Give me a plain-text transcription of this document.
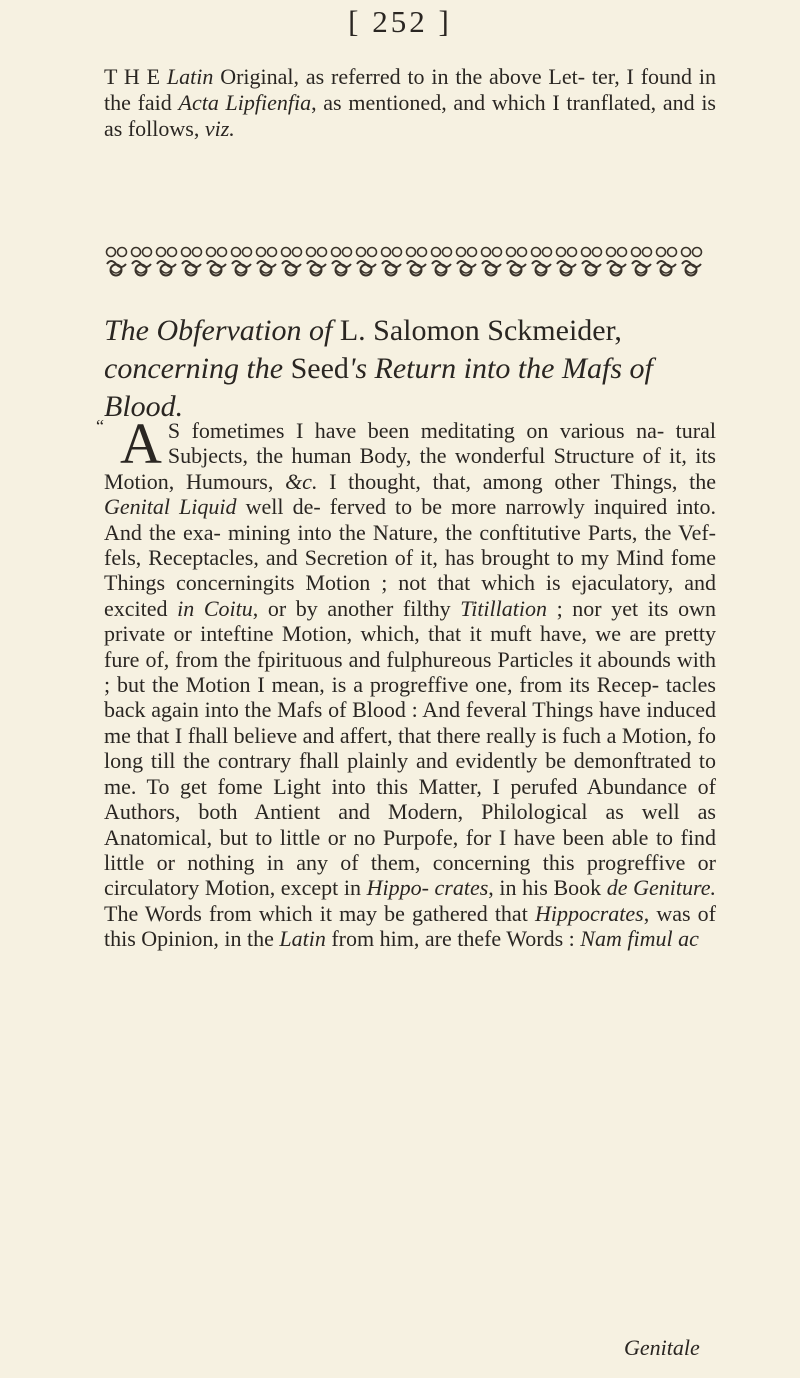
[ 252 ]
T H E Latin Original, as referred to in the above Let- ter, I found in the faid Acta Lipfienfia, as mentioned, and which I tranflated, and is as follows, viz.
The Obfervation of L. Salomon Sckmeider,
concerning the Seed's Return into the Mafs of Blood.
“ A S fometimes I have been meditating on various na- tural Subjects, the human Body, the wonderful Structure of it, its Motion, Humours, &c. I thought, that, among other Things, the Genital Liquid well de- ferved to be more narrowly inquired into. And the exa- mining into the Nature, the conftitutive Parts, the Vef- fels, Receptacles, and Secretion of it, has brought to my Mind fome Things concerningits Motion ; not that which is ejaculatory, and excited in Coitu, or by another filthy Titillation ; nor yet its own private or inteftine Motion, which, that it muft have, we are pretty fure of, from the fpirituous and fulphureous Particles it abounds with ; but the Motion I mean, is a progreffive one, from its Recep- tacles back again into the Mafs of Blood : And feveral Things have induced me that I fhall believe and affert, that there really is fuch a Motion, fo long till the contrary fhall plainly and evidently be demonftrated to me. To get fome Light into this Matter, I perufed Abundance of Authors, both Antient and Modern, Philological as well as Anatomical, but to little or no Purpofe, for I have been able to find little or nothing in any of them, concerning this progreffive or circulatory Motion, except in Hippo- crates, in his Book de Geniture. The Words from which it may be gathered that Hippocrates, was of this Opinion, in the Latin from him, are thefe Words : Nam fimul ac
Genitale
